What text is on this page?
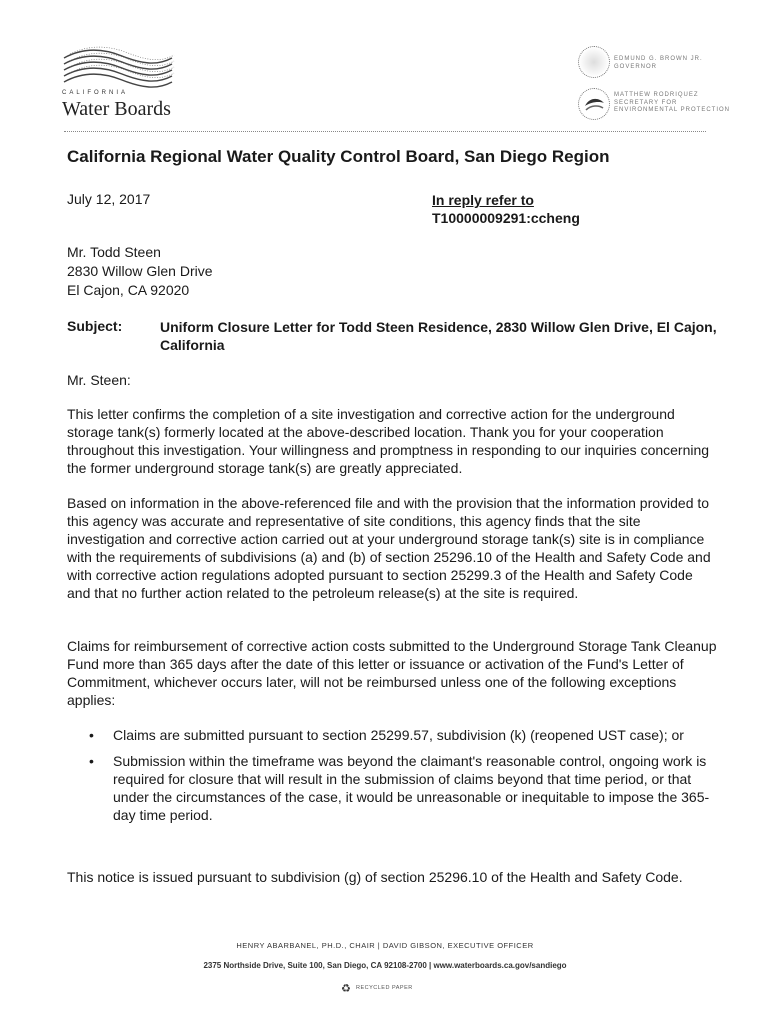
CALIFORNIA
Water Boards
EDMUND G. BROWN JR.
GOVERNOR
MATTHEW RODRIQUEZ
SECRETARY FOR
ENVIRONMENTAL PROTECTION
California Regional Water Quality Control Board, San Diego Region
July 12, 2017	In reply refer to
T10000009291:ccheng
Mr. Todd Steen
2830 Willow Glen Drive
El Cajon, CA 92020
Subject:	Uniform Closure Letter for Todd Steen Residence, 2830 Willow Glen Drive, El Cajon, California
Mr. Steen:

This letter confirms the completion of a site investigation and corrective action for the underground storage tank(s) formerly located at the above-described location. Thank you for your cooperation throughout this investigation. Your willingness and promptness in responding to our inquiries concerning the former underground storage tank(s) are greatly appreciated.

Based on information in the above-referenced file and with the provision that the information provided to this agency was accurate and representative of site conditions, this agency finds that the site investigation and corrective action carried out at your underground storage tank(s) site is in compliance with the requirements of subdivisions (a) and (b) of section 25296.10 of the Health and Safety Code and with corrective action regulations adopted pursuant to section 25299.3 of the Health and Safety Code and that no further action related to the petroleum release(s) at the site is required.

Claims for reimbursement of corrective action costs submitted to the Underground Storage Tank Cleanup Fund more than 365 days after the date of this letter or issuance or activation of the Fund's Letter of Commitment, whichever occurs later, will not be reimbursed unless one of the following exceptions applies:

• Claims are submitted pursuant to section 25299.57, subdivision (k) (reopened UST case); or
• Submission within the timeframe was beyond the claimant's reasonable control, ongoing work is required for closure that will result in the submission of claims beyond that time period, or that under the circumstances of the case, it would be unreasonable or inequitable to impose the 365-day time period.

This notice is issued pursuant to subdivision (g) of section 25296.10 of the Health and Safety Code.

HENRY ABARBANEL, PH.D., CHAIR | DAVID GIBSON, EXECUTIVE OFFICER
2375 Northside Drive, Suite 100, San Diego, CA 92108-2700 | www.waterboards.ca.gov/sandiego
♻ RECYCLED PAPER
